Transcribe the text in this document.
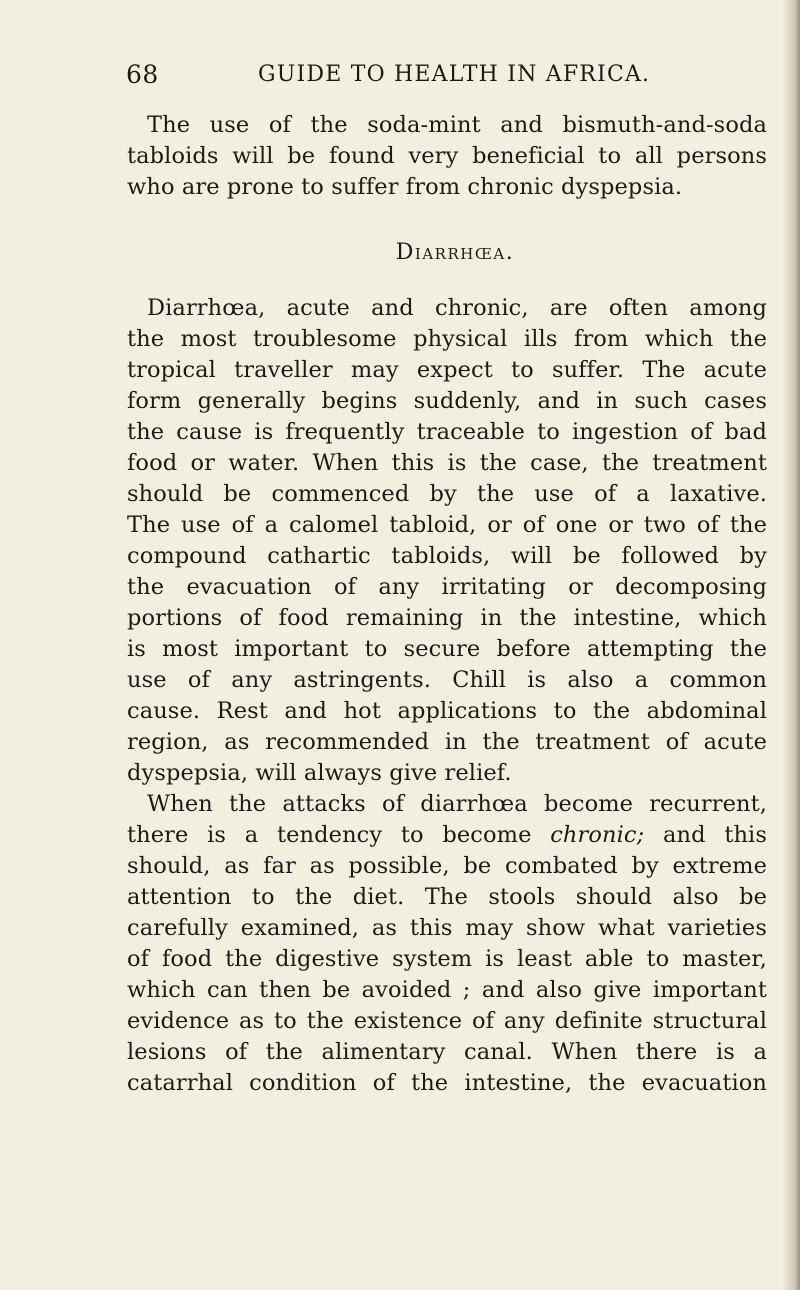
68	GUIDE TO HEALTH IN AFRICA.
The use of the soda-mint and bismuth-and-soda
tabloids will be found very beneficial to all persons
who are prone to suffer from chronic dyspepsia.
Diarrhœa.
Diarrhœa, acute and chronic, are often among
the most troublesome physical ills from which the
tropical traveller may expect to suffer. The acute
form generally begins suddenly, and in such cases
the cause is frequently traceable to ingestion of bad
food or water. When this is the case, the treatment
should be commenced by the use of a laxative.
The use of a calomel tabloid, or of one or two of the
compound cathartic tabloids, will be followed by
the evacuation of any irritating or decomposing
portions of food remaining in the intestine, which
is most important to secure before attempting the
use of any astringents. Chill is also a common
cause. Rest and hot applications to the abdominal
region, as recommended in the treatment of acute
dyspepsia, will always give relief.
When the attacks of diarrhœa become recurrent,
there is a tendency to become chronic; and this
should, as far as possible, be combated by extreme
attention to the diet. The stools should also be
carefully examined, as this may show what varieties
of food the digestive system is least able to master,
which can then be avoided ; and also give important
evidence as to the existence of any definite structural
lesions of the alimentary canal. When there is a
catarrhal condition of the intestine, the evacuation
